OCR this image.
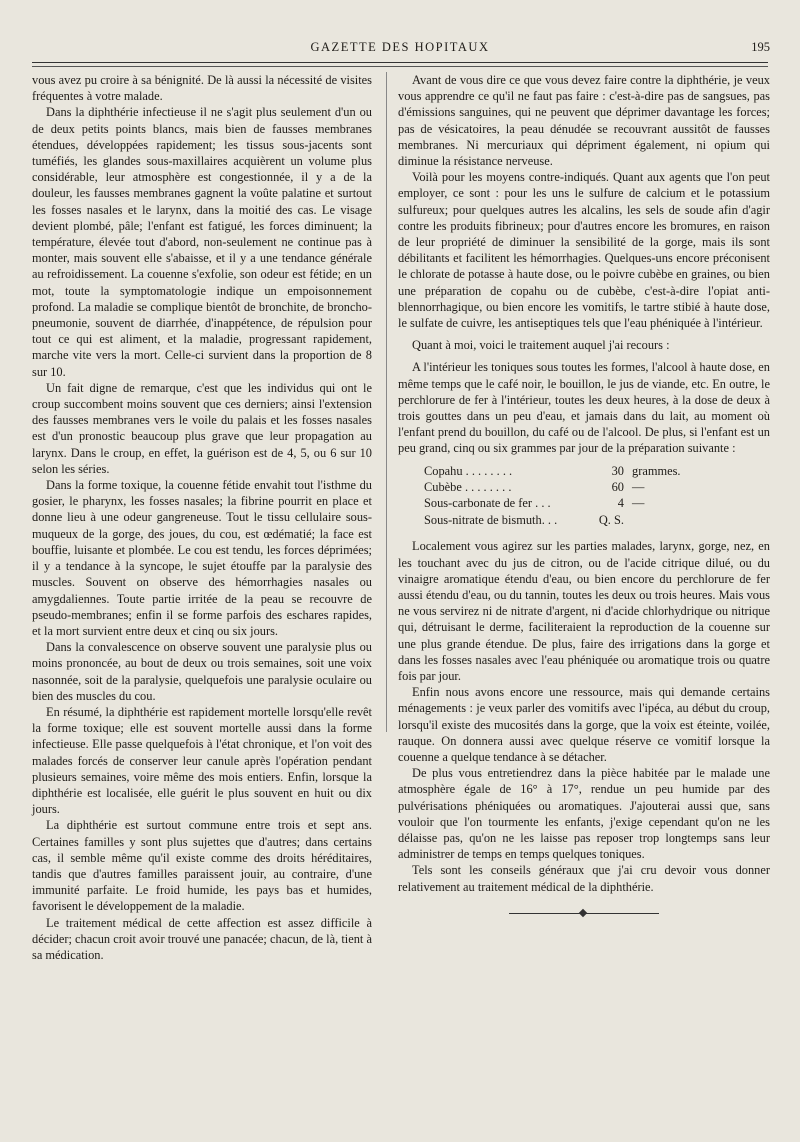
GAZETTE DES HOPITAUX	195

vous avez pu croire à sa bénignité. De là aussi la nécessité de visites fréquentes à votre malade.

Dans la diphthérie infectieuse il ne s'agit plus seulement d'un ou de deux petits points blancs, mais bien de fausses membranes étendues, développées rapidement; les tissus sous-jacents sont tuméfiés, les glandes sous-maxillaires acquièrent un volume plus considérable, leur atmosphère est congestionnée, il y a de la douleur, les fausses membranes gagnent la voûte palatine et surtout les fosses nasales et le larynx, dans la moitié des cas. Le visage devient plombé, pâle; l'enfant est fatigué, les forces diminuent; la température, élevée tout d'abord, non-seulement ne continue pas à monter, mais souvent elle s'abaisse, et il y a une tendance générale au refroidissement. La couenne s'exfolie, son odeur est fétide; en un mot, toute la symptomatologie indique un empoisonnement profond. La maladie se complique bientôt de bronchite, de broncho-pneumonie, souvent de diarrhée, d'inappétence, de répulsion pour tout ce qui est aliment, et la maladie, progressant rapidement, marche vite vers la mort. Celle-ci survient dans la proportion de 8 sur 10.

Un fait digne de remarque, c'est que les individus qui ont le croup succombent moins souvent que ces derniers; ainsi l'extension des fausses membranes vers le voile du palais et les fosses nasales est d'un pronostic beaucoup plus grave que leur propagation au larynx. Dans le croup, en effet, la guérison est de 4, 5, ou 6 sur 10 selon les séries.

Dans la forme toxique, la couenne fétide envahit tout l'isthme du gosier, le pharynx, les fosses nasales; la fibrine pourrit en place et donne lieu à une odeur gangreneuse. Tout le tissu cellulaire sous-muqueux de la gorge, des joues, du cou, est œdématié; la face est bouffie, luisante et plombée. Le cou est tendu, les forces déprimées; il y a tendance à la syncope, le sujet étouffe par la paralysie des muscles. Souvent on observe des hémorrhagies nasales ou amygdaliennes. Toute partie irritée de la peau se recouvre de pseudo-membranes; enfin il se forme parfois des eschares rapides, et la mort survient entre deux et cinq ou six jours.

Dans la convalescence on observe souvent une paralysie plus ou moins prononcée, au bout de deux ou trois semaines, soit une voix nasonnée, soit de la paralysie, quelquefois une paralysie oculaire ou bien des muscles du cou.

En résumé, la diphthérie est rapidement mortelle lorsqu'elle revêt la forme toxique; elle est souvent mortelle aussi dans la forme infectieuse. Elle passe quelquefois à l'état chronique, et l'on voit des malades forcés de conserver leur canule après l'opération pendant plusieurs semaines, voire même des mois entiers. Enfin, lorsque la diphthérie est localisée, elle guérit le plus souvent en huit ou dix jours.

La diphthérie est surtout commune entre trois et sept ans. Certaines familles y sont plus sujettes que d'autres; dans certains cas, il semble même qu'il existe comme des droits héréditaires, tandis que d'autres familles paraissent jouir, au contraire, d'une immunité parfaite. Le froid humide, les pays bas et humides, favorisent le développement de la maladie.

Le traitement médical de cette affection est assez difficile à décider; chacun croit avoir trouvé une panacée; chacun, de là, tient à sa médication.

Avant de vous dire ce que vous devez faire contre la diphthérie, je veux vous apprendre ce qu'il ne faut pas faire : c'est-à-dire pas de sangsues, pas d'émissions sanguines, qui ne peuvent que déprimer davantage les forces; pas de vésicatoires, la peau dénudée se recouvrant aussitôt de fausses membranes. Ni mercuriaux qui dépriment également, ni opium qui diminue la résistance nerveuse.

Voilà pour les moyens contre-indiqués. Quant aux agents que l'on peut employer, ce sont : pour les uns le sulfure de calcium et le potassium sulfureux; pour quelques autres les alcalins, les sels de soude afin d'agir contre les produits fibrineux; pour d'autres encore les bromures, en raison de leur propriété de diminuer la sensibilité de la gorge, mais ils sont débilitants et facilitent les hémorrhagies. Quelques-uns encore préconisent le chlorate de potasse à haute dose, ou le poivre cubèbe en graines, ou bien une préparation de copahu ou de cubèbe, c'est-à-dire l'opiat anti-blennorrhagique, ou bien encore les vomitifs, le tartre stibié à haute dose, le sulfate de cuivre, les antiseptiques tels que l'eau phéniquée à l'intérieur.

Quant à moi, voici le traitement auquel j'ai recours :

A l'intérieur les toniques sous toutes les formes, l'alcool à haute dose, en même temps que le café noir, le bouillon, le jus de viande, etc. En outre, le perchlorure de fer à l'intérieur, toutes les deux heures, à la dose de deux à trois gouttes dans un peu d'eau, et jamais dans du lait, au moment où l'enfant prend du bouillon, du café ou de l'alcool. De plus, si l'enfant est un peu grand, cinq ou six grammes par jour de la préparation suivante :

Copahu . . . . . . . .	30 grammes.
Cubèbe . . . . . . . .	60 —
Sous-carbonate de fer . . .	4 —
Sous-nitrate de bismuth. . .	Q. S.

Localement vous agirez sur les parties malades, larynx, gorge, nez, en les touchant avec du jus de citron, ou de l'acide citrique dilué, ou du vinaigre aromatique étendu d'eau, ou bien encore du perchlorure de fer aussi étendu d'eau, ou du tannin, toutes les deux ou trois heures. Mais vous ne vous servirez ni de nitrate d'argent, ni d'acide chlorhydrique ou nitrique qui, détruisant le derme, faciliteraient la reproduction de la couenne sur une plus grande étendue. De plus, faire des irrigations dans la gorge et dans les fosses nasales avec l'eau phéniquée ou aromatique trois ou quatre fois par jour.

Enfin nous avons encore une ressource, mais qui demande certains ménagements : je veux parler des vomitifs avec l'ipéca, au début du croup, lorsqu'il existe des mucosités dans la gorge, que la voix est éteinte, voilée, rauque. On donnera aussi avec quelque réserve ce vomitif lorsque la couenne a quelque tendance à se détacher.

De plus vous entretiendrez dans la pièce habitée par le malade une atmosphère égale de 16° à 17°, rendue un peu humide par des pulvérisations phéniquées ou aromatiques. J'ajouterai aussi que, sans vouloir que l'on tourmente les enfants, j'exige cependant qu'on ne les délaisse pas, qu'on ne les laisse pas reposer trop longtemps sans leur administrer de temps en temps quelques toniques.

Tels sont les conseils généraux que j'ai cru devoir vous donner relativement au traitement médical de la diphthérie.
